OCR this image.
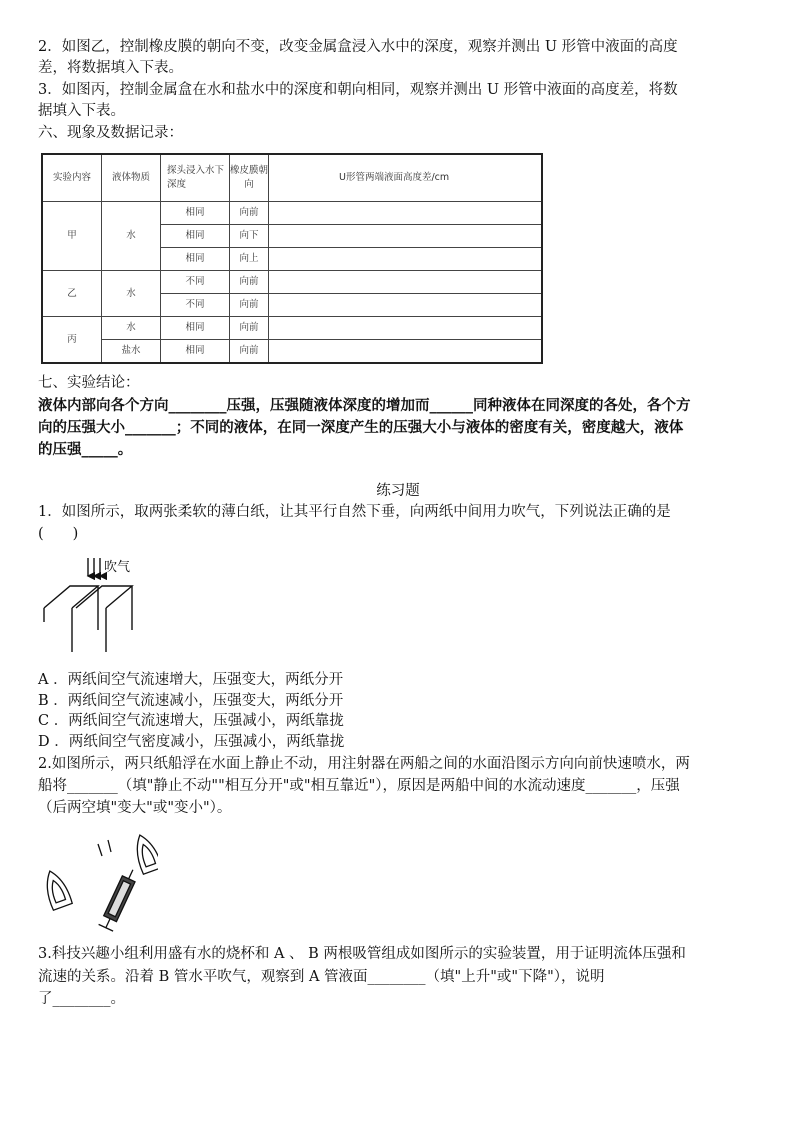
2．如图乙，控制橡皮膜的朝向不变，改变金属盒浸入水中的深度，观察并测出 U 形管中液面的高度
差，将数据填入下表。
3．如图丙，控制金属盒在水和盐水中的深度和朝向相同，观察并测出 U 形管中液面的高度差，将数
据填入下表。
六、现象及数据记录：
实验内容	液体物质	探头浸入水下深度	橡皮膜朝向	U形管两端液面高度差/cm
甲	水	相同	向前	
		相同	向下	
		相同	向上	
乙	水	不同	向前	
		不同	向前	
丙	水	相同	向前	
	盐水	相同	向前	
七、实验结论：
液体内部向各个方向________压强，压强随液体深度的增加而______同种液体在同深度的各处，各个方
向的压强大小_______；不同的液体，在同一深度产生的压强大小与液体的密度有关，密度越大，液体
的压强_____。
练习题
1．如图所示，取两张柔软的薄白纸，让其平行自然下垂，向两纸中间用力吹气，下列说法正确的是
(　　)
吹气
A ．两纸间空气流速增大，压强变大，两纸分开
B ．两纸间空气流速减小，压强变大，两纸分开
C ．两纸间空气流速增大，压强减小，两纸靠拢
D ．两纸间空气密度减小，压强减小，两纸靠拢
2.如图所示，两只纸船浮在水面上静止不动，用注射器在两船之间的水面沿图示方向向前快速喷水，两
船将_______（填"静止不动""相互分开"或"相互靠近"），原因是两船中间的水流动速度_______，压强
（后两空填"变大"或"变小"）。
3.科技兴趣小组利用盛有水的烧杯和 A 、 B 两根吸管组成如图所示的实验装置，用于证明流体压强和
流速的关系。沿着 B 管水平吹气，观察到 A 管液面________（填"上升"或"下降"），说明
了________。
